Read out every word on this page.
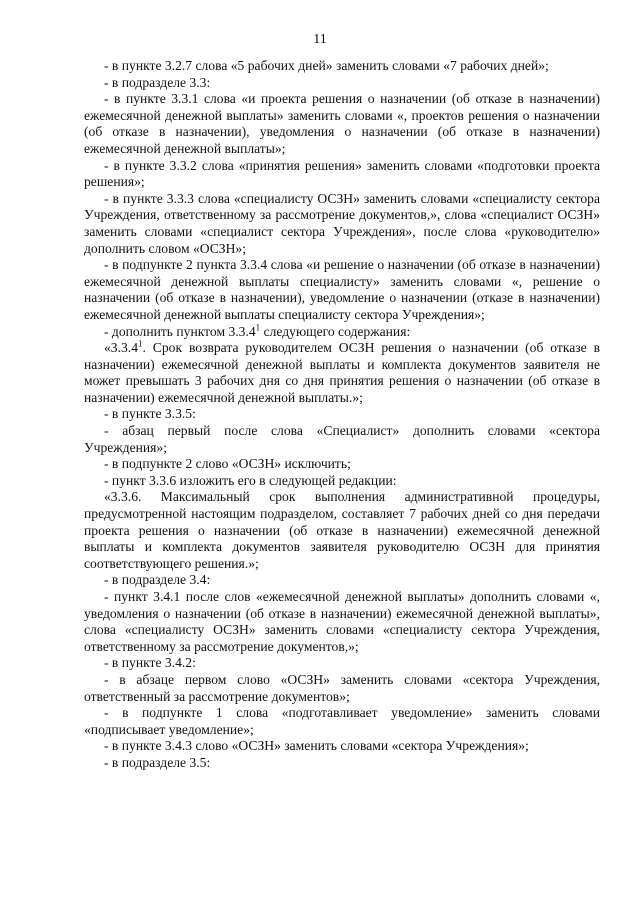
11

- в пункте 3.2.7 слова «5 рабочих дней» заменить словами «7 рабочих дней»;

- в подразделе 3.3:

- в пункте 3.3.1 слова «и проекта решения о назначении (об отказе в назначении) ежемесячной денежной выплаты» заменить словами «, проектов решения о назначении (об отказе в назначении), уведомления о назначении (об отказе в назначении) ежемесячной денежной выплаты»;

- в пункте 3.3.2 слова «принятия решения» заменить словами «подготовки проекта решения»;

- в пункте 3.3.3 слова «специалисту ОСЗН» заменить словами «специалисту сектора Учреждения, ответственному за рассмотрение документов,», слова «специалист ОСЗН» заменить словами «специалист сектора Учреждения», после слова «руководителю» дополнить словом «ОСЗН»;

- в подпункте 2 пункта 3.3.4 слова «и решение о назначении (об отказе в назначении) ежемесячной денежной выплаты специалисту» заменить словами «, решение о назначении (об отказе в назначении), уведомление о назначении (отказе в назначении) ежемесячной денежной выплаты специалисту сектора Учреждения»;

- дополнить пунктом 3.3.4$^1$ следующего содержания:

«3.3.4$^1$. Срок возврата руководителем ОСЗН решения о назначении (об отказе в назначении) ежемесячной денежной выплаты и комплекта документов заявителя не может превышать 3 рабочих дня со дня принятия решения о назначении (об отказе в назначении) ежемесячной денежной выплаты.»;

- в пункте 3.3.5:

- абзац первый после слова «Специалист» дополнить словами «сектора Учреждения»;

- в подпункте 2 слово «ОСЗН» исключить;

- пункт 3.3.6 изложить его в следующей редакции:

«3.3.6. Максимальный срок выполнения административной процедуры, предусмотренной настоящим подразделом, составляет 7 рабочих дней со дня передачи проекта решения о назначении (об отказе в назначении) ежемесячной денежной выплаты и комплекта документов заявителя руководителю ОСЗН для принятия соответствующего решения.»;

- в подразделе 3.4:

- пункт 3.4.1 после слов «ежемесячной денежной выплаты» дополнить словами «, уведомления о назначении (об отказе в назначении) ежемесячной денежной выплаты», слова «специалисту ОСЗН» заменить словами «специалисту сектора Учреждения, ответственному за рассмотрение документов,»;

- в пункте 3.4.2:

- в абзаце первом слово «ОСЗН» заменить словами «сектора Учреждения, ответственный за рассмотрение документов»;

- в подпункте 1 слова «подготавливает уведомление» заменить словами «подписывает уведомление»;

- в пункте 3.4.3 слово «ОСЗН» заменить словами «сектора Учреждения»;

- в подразделе 3.5:
